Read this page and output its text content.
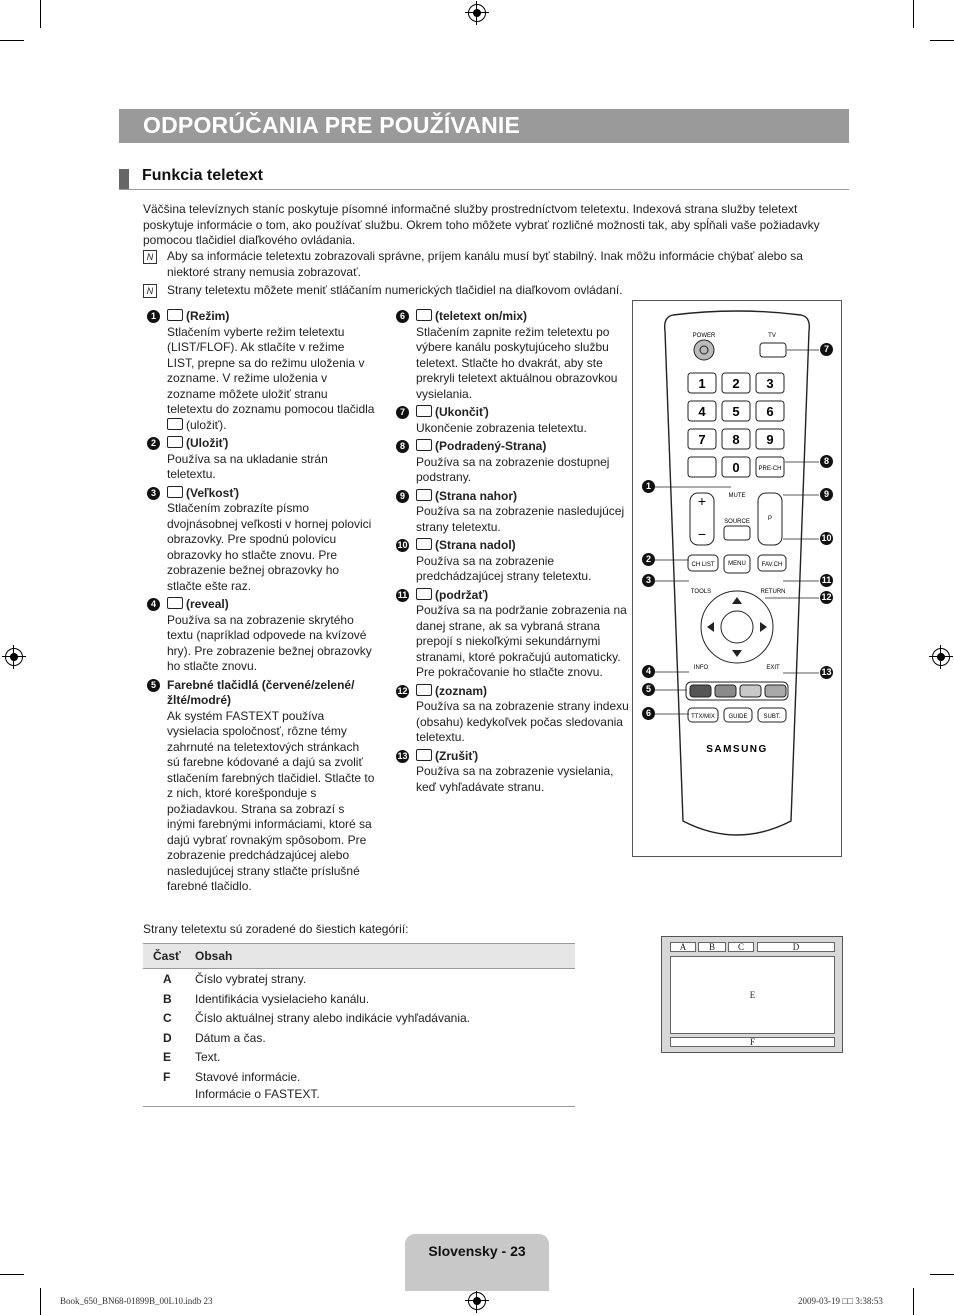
ODPORÚČANIA PRE POUŽÍVANIE
Funkcia teletext
Väčšina televíznych staníc poskytuje písomné informačné služby prostredníctvom teletextu. Indexová strana služby teletext poskytuje informácie o tom, ako používať službu. Okrem toho môžete vybrať rozličné možnosti tak, aby spĺňali vaše požiadavky pomocou tlačidiel diaľkového ovládania.
N	Aby sa informácie teletextu zobrazovali správne, príjem kanálu musí byť stabilný. Inak môžu informácie chýbať alebo sa niektoré strany nemusia zobrazovať.
N	Strany teletextu môžete meniť stláčaním numerických tlačidiel na diaľkovom ovládaní.
1	(Režim)
Stlačením vyberte režim teletextu (LIST/FLOF). Ak stlačíte v režime LIST, prepne sa do režimu uloženia v zozname. V režime uloženia v zozname môžete uložiť stranu teletextu do zoznamu pomocou tlačidla (uložiť).
2	(Uložiť)
Používa sa na ukladanie strán teletextu.
3	(Veľkosť)
Stlačením zobrazíte písmo dvojnásobnej veľkosti v hornej polovici obrazovky. Pre spodnú polovicu obrazovky ho stlačte znovu. Pre zobrazenie bežnej obrazovky ho stlačte ešte raz.
4	(reveal)
Používa sa na zobrazenie skrytého textu (napríklad odpovede na kvízové hry). Pre zobrazenie bežnej obrazovky ho stlačte znovu.
5 Farebné tlačidlá (červené/zelené/žlté/modré)
Ak systém FASTEXT používa vysielacia spoločnosť, rôzne témy zahrnuté na teletextových stránkach sú farebne kódované a dajú sa zvoliť stlačením farebných tlačidiel. Stlačte to z nich, ktoré korešponduje s požiadavkou. Strana sa zobrazí s inými farebnými informáciami, ktoré sa dajú vybrať rovnakým spôsobom. Pre zobrazenie predchádzajúcej alebo nasledujúcej strany stlačte príslušné farebné tlačidlo.
6	(teletext on/mix)
Stlačením zapnite režim teletextu po výbere kanálu poskytujúceho službu teletext. Stlačte ho dvakrát, aby ste prekryli teletext aktuálnou obrazovkou vysielania.
7	(Ukončiť)
Ukončenie zobrazenia teletextu.
8	(Podradený-Strana)
Používa sa na zobrazenie dostupnej podstrany.
9	(Strana nahor)
Používa sa na zobrazenie nasledujúcej strany teletextu.
10	(Strana nadol)
Používa sa na zobrazenie predchádzajúcej strany teletextu.
11	(podržať)
Používa sa na podržanie zobrazenia na danej strane, ak sa vybraná strana prepojí s niekoľkými sekundárnymi stranami, ktoré pokračujú automaticky. Pre pokračovanie ho stlačte znovu.
12	(zoznam)
Používa sa na zobrazenie strany indexu (obsahu) kedykoľvek počas sledovania teletextu.
13	(Zrušiť)
Používa sa na zobrazenie vysielania, keď vyhľadávate stranu.
POWER	TV
1 2 3
4 5 6
7 8 9
0	PRE-CH
+
−
MUTE
SOURCE	P
CH LIST MENU	FAV.CH
TOOLS	RETURN
INFO	EXIT
TTX/MIX GUIDE	SUBT.
SAMSUNG
7
8
9
10
11
12
13
1
2
3
4
5
6
Strany teletextu sú zoradené do šiestich kategórií:
Časť Obsah
A Číslo vybratej strany.
B Identifikácia vysielacieho kanálu.
C Číslo aktuálnej strany alebo indikácie vyhľadávania.
D Dátum a čas.
E Text.
F Stavové informácie.
Informácie o FASTEXT.
A	B	C	D
E
F
Slovensky - 23
Book_650_BN68-01899B_00L10.indb 23	2009-03-19 □□ 3:38:53
